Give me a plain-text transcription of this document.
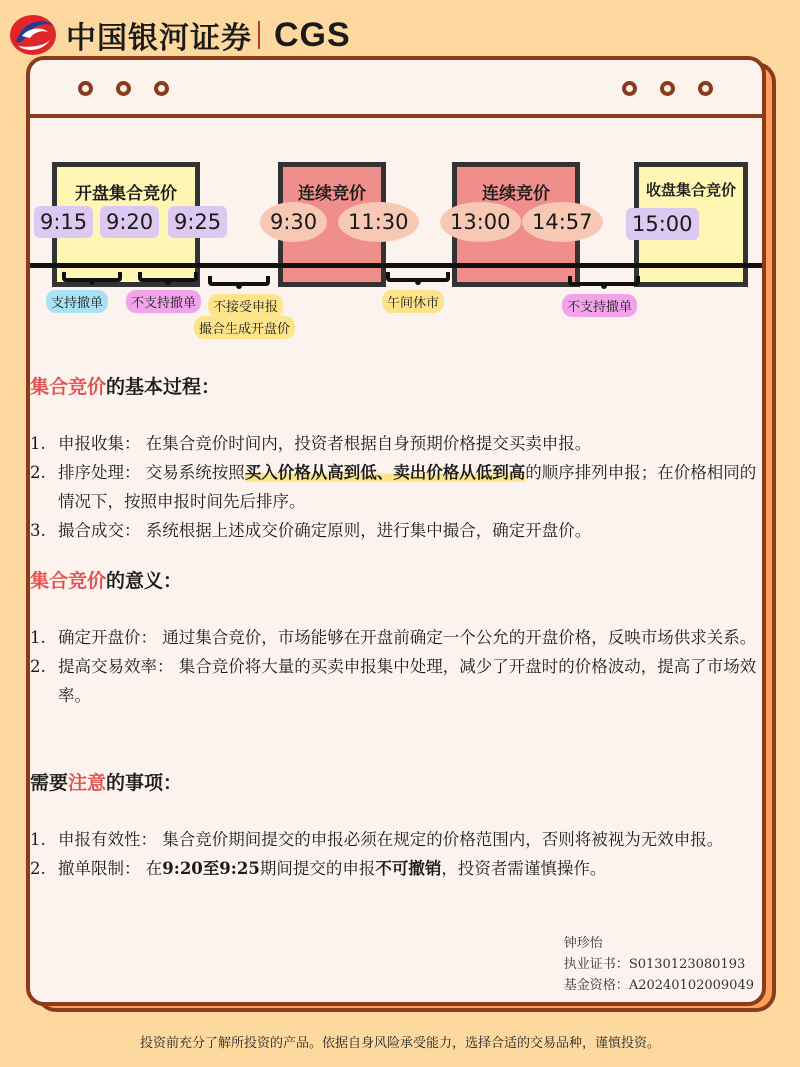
中国银河证券 CGS
开盘集合竞价	连续竞价	连续竞价	收盘集合竞价
9:15 9:20 9:25	9:30	11:30	13:00	14:57	15:00
支持撤单	不支持撤单	不接受申报
撮合生成开盘价
午间休市	不支持撤单
集合竞价的基本过程：
1. 申报收集： 在集合竞价时间内，投资者根据自身预期价格提交买卖申报。
2. 排序处理： 交易系统按照买入价格从高到低、卖出价格从低到高的顺序排列申报；在价格相同的情况下，按照申报时间先后排序。
3. 撮合成交： 系统根据上述成交价确定原则，进行集中撮合，确定开盘价。
集合竞价的意义：
1. 确定开盘价： 通过集合竞价，市场能够在开盘前确定一个公允的开盘价格，反映市场供求关系。
2. 提高交易效率： 集合竞价将大量的买卖申报集中处理，减少了开盘时的价格波动，提高了市场效率。
需要注意的事项：
1. 申报有效性： 集合竞价期间提交的申报必须在规定的价格范围内，否则将被视为无效申报。
2. 撤单限制： 在9:20至9:25期间提交的申报不可撤销，投资者需谨慎操作。
钟珍怡
执业证书：S0130123080193
基金资格：A20240102009049
投资前充分了解所投资的产品。依据自身风险承受能力，选择合适的交易品种，谨慎投资。
